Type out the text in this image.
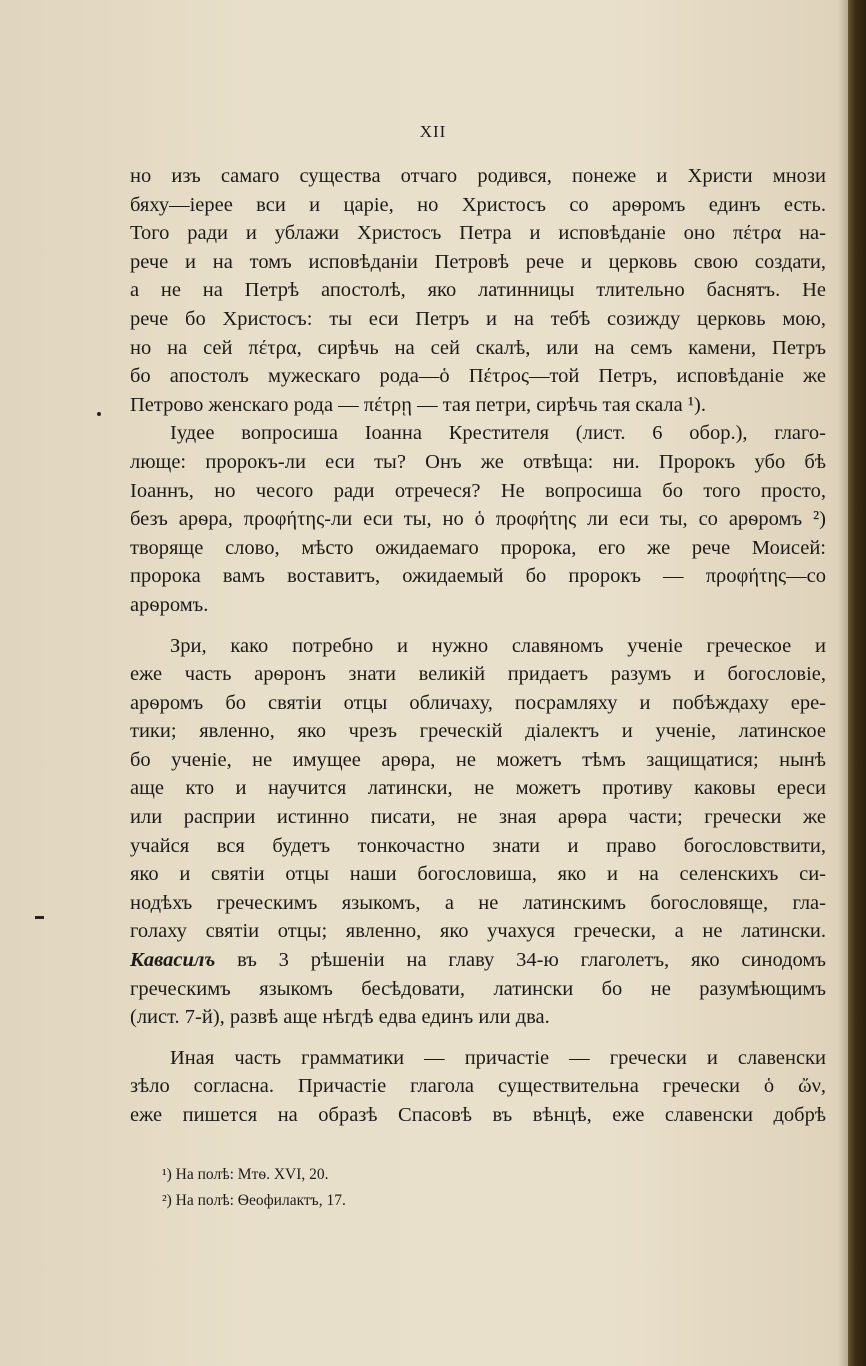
XII
но изъ самаго существа отчаго родився, понеже и Христи мнози
бяху—іерее вси и царіе, но Христосъ со арѳромъ единъ есть.
Того ради и ублажи Христосъ Петра и исповѣданіе оно πέτρα на-
рече и на томъ исповѣданіи Петровѣ рече и церковь свою создати,
а не на Петрѣ апостолѣ, яко латинницы тлительно баснятъ. Не
рече бо Христосъ: ты еси Петръ и на тебѣ созижду церковь мою,
но на сей πέτρα, сирѣчь на сей скалѣ, или на семъ камени, Петръ
бо апостолъ мужескаго рода—ὁ Πέτρος—той Петръ, исповѣданіе же
Петрово женскаго рода — πέτρῃ — тая петри, сирѣчь тая скала ¹).
Іудее вопросиша Іоанна Крестителя (лист. 6 обор.), глаго-
люще: пророкъ-ли еси ты? Онъ же отвѣща: ни. Пророкъ убо бѣ
Іоаннъ, но чесого ради отречеся? Не вопросиша бо того просто,
безъ арѳра, προφήτης-ли еси ты, но ὁ προφήτης ли еси ты, со арѳромъ ²)
творяще слово, мѣсто ожидаемаго пророка, его же рече Моисей:
пророка вамъ воставитъ, ожидаемый бо пророкъ — προφήτης—со
арѳромъ.
Зри, како потребно и нужно славяномъ ученіе греческое и
еже часть арѳронъ знати великій придаетъ разумъ и богословіе,
арѳромъ бо святіи отцы обличаху, посрамляху и побѣждаху ере-
тики; явленно, яко чрезъ греческій діалектъ и ученіе, латинское
бо ученіе, не имущее арѳра, не можетъ тѣмъ защищатися; нынѣ
аще кто и научится латински, не можетъ противу каковы ереси
или расприи истинно писати, не зная арѳра части; гречески же
учайся вся будетъ тонкочастно знати и право богословствити,
яко и святіи отцы наши богословиша, яко и на селенскихъ си-
нодѣхъ греческимъ языкомъ, а не латинскимъ богословяще, гла-
голаху святіи отцы; явленно, яко учахуся гречески, а не латински.
Кавасилъ въ 3 рѣшеніи на главу 34-ю глаголетъ, яко синодомъ
греческимъ языкомъ бесѣдовати, латински бо не разумѣющимъ
(лист. 7-й), развѣ аще нѣгдѣ едва единъ или два.
Иная часть грамматики — причастіе — гречески и славенски
зѣло согласна. Причастіе глагола существительна гречески ὁ ὤν,
еже пишется на образѣ Спасовѣ въ вѣнцѣ, еже славенски добрѣ
¹) На полѣ: Мтѳ. XVI, 20.
²) На полѣ: Ѳеофилактъ, 17.
